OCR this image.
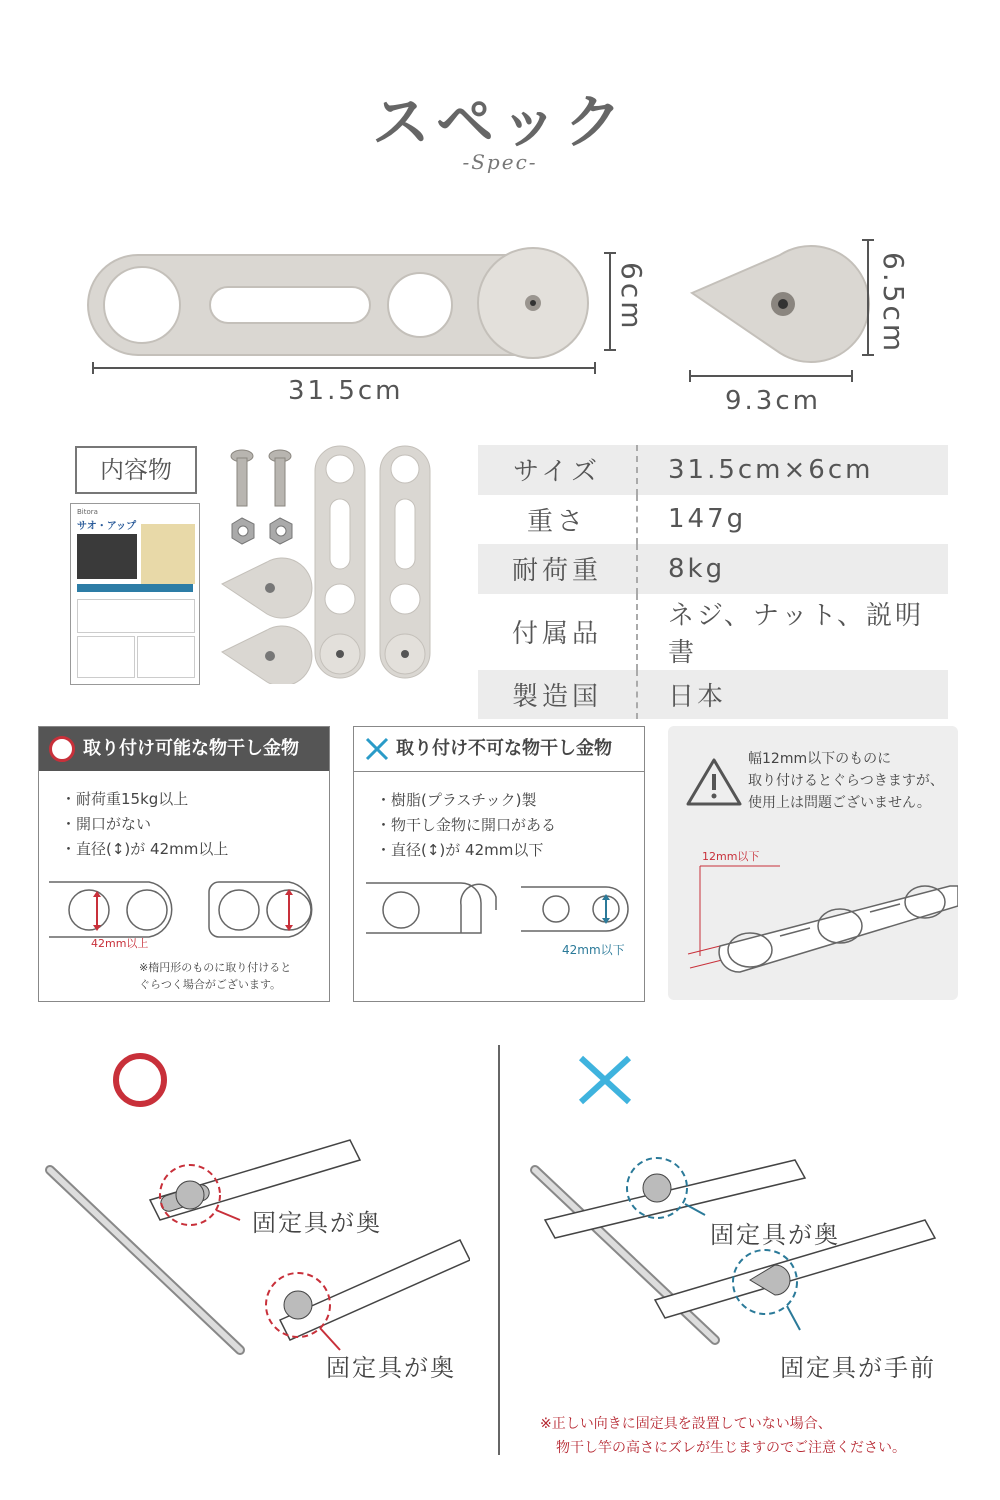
スペック
-Spec-
31.5cm
6cm
9.3cm
6.5cm
内容物
Bitora
サオ・アップ
サイズ	31.5cm×6cm
重さ	147g
耐荷重	8kg
付属品	ネジ、ナット、説明書
製造国	日本
取り付け可能な物干し金物
・耐荷重15kg以上
・開口がない
・直径(↕)が 42mm以上
42mm以上
※楕円形のものに取り付けると
ぐらつく場合がございます。
取り付け不可な物干し金物
・樹脂(プラスチック)製
・物干し金物に開口がある
・直径(↕)が 42mm以下
42mm以下
幅12mm以下のものに
取り付けるとぐらつきますが、
使用上は問題ございません。
12mm以下
固定具が奥
固定具が奥
固定具が奥
固定具が手前
※正しい向きに固定具を設置していない場合、
物干し竿の高さにズレが生じますのでご注意ください。
